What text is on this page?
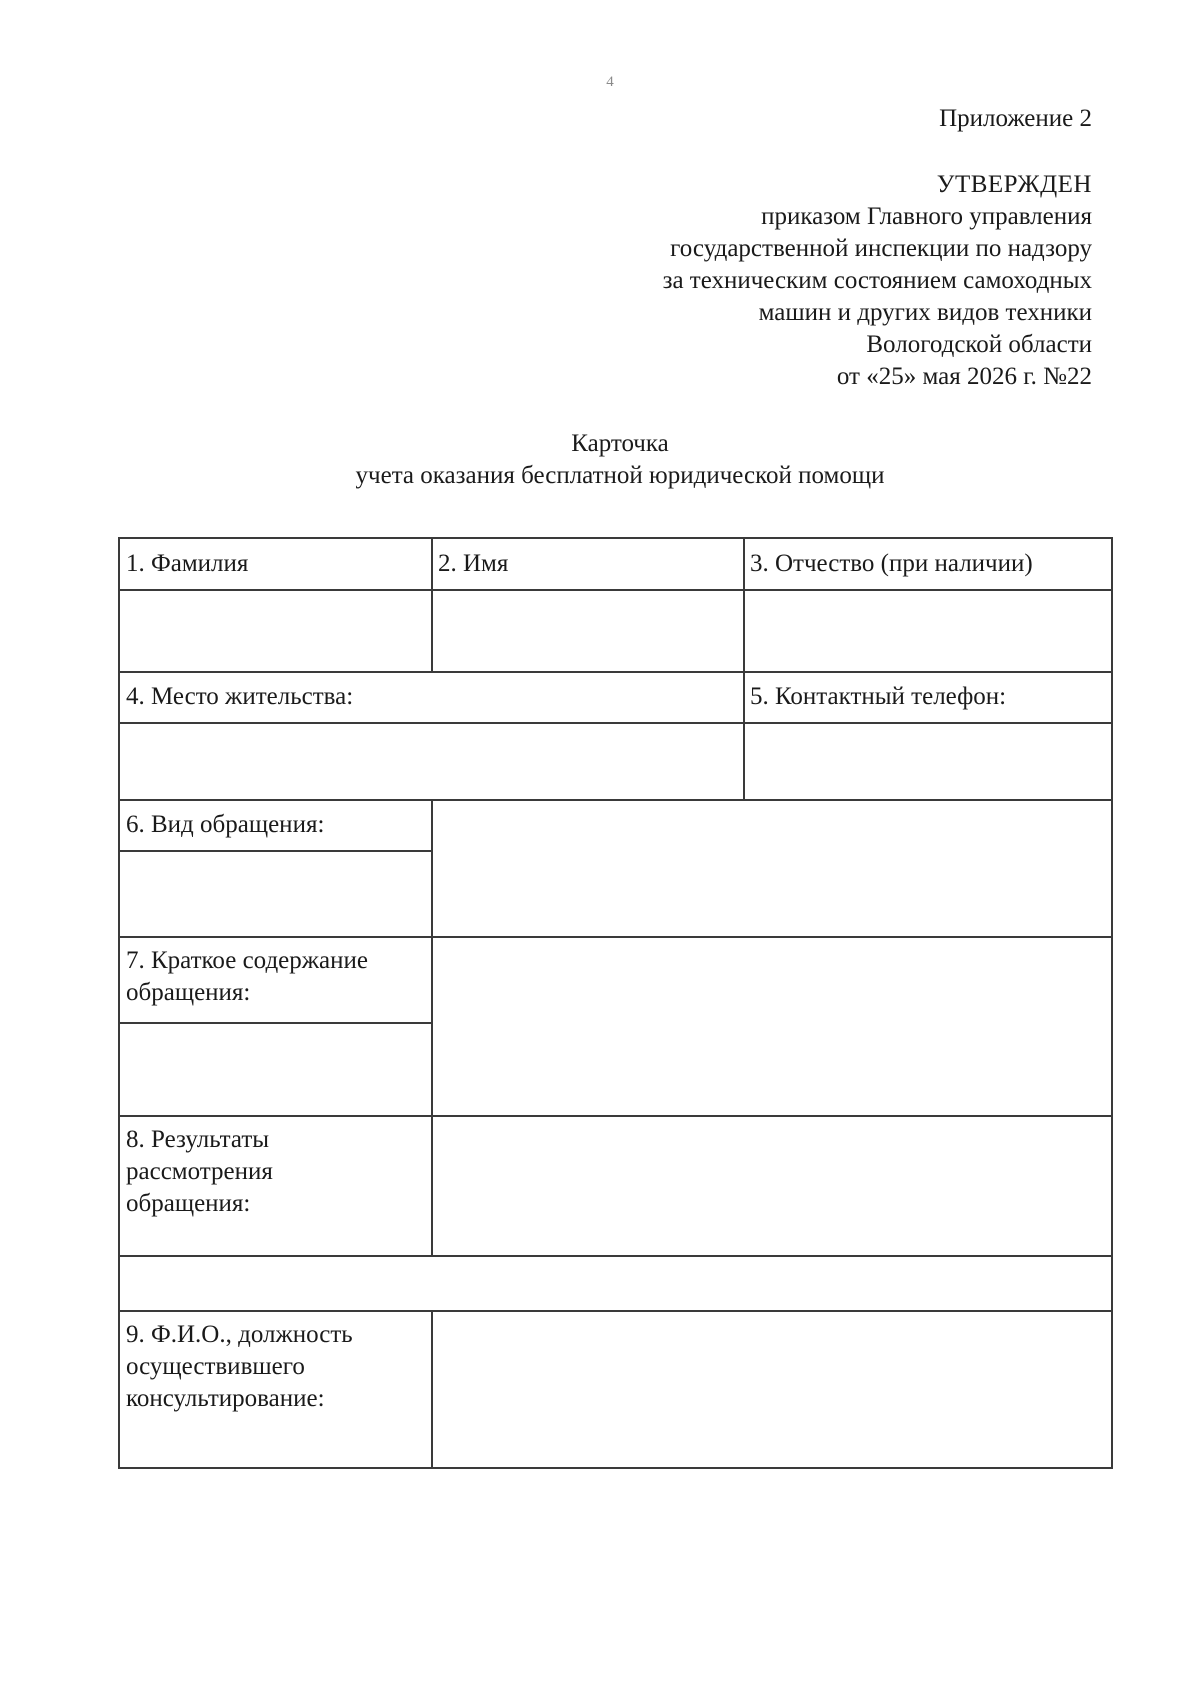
4
Приложение 2
УТВЕРЖДЕН
приказом Главного управления
государственной инспекции по надзору
за техническим состоянием самоходных
машин и других видов техники
Вологодской области
от «25» мая 2026 г. №22
Карточка
учета оказания бесплатной юридической помощи
1. Фамилия	2. Имя	3. Отчество (при наличии)
4. Место жительства:	5. Контактный телефон:
6. Вид обращения:
7. Краткое содержание
обращения:
8. Результаты
рассмотрения
обращения:
9. Ф.И.О., должность
осуществившего
консультирование:
